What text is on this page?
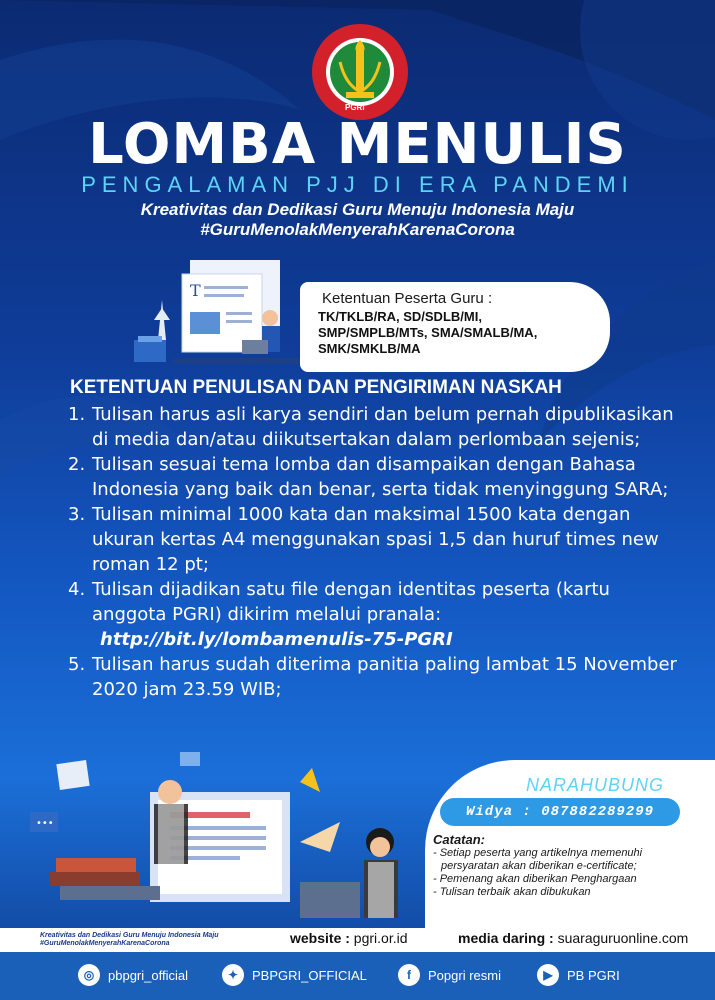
PGRI
LOMBA MENULIS
PENGALAMAN PJJ DI ERA PANDEMI
Kreativitas dan Dedikasi Guru Menuju Indonesia Maju
#GuruMenolakMenyerahKarenaCorona
T	Ketentuan Peserta Guru :
TK/TKLB/RA, SD/SDLB/MI,
SMP/SMPLB/MTs, SMA/SMALB/MA,
SMK/SMKLB/MA
KETENTUAN PENULISAN DAN PENGIRIMAN NASKAH
1. Tulisan harus asli karya sendiri dan belum pernah dipublikasikan di media dan/atau diikutsertakan dalam perlombaan sejenis;
2. Tulisan sesuai tema lomba dan disampaikan dengan Bahasa Indonesia yang baik dan benar, serta tidak menyinggung SARA;
3. Tulisan minimal 1000 kata dan maksimal 1500 kata dengan ukuran kertas A4 menggunakan spasi 1,5 dan huruf times new roman 12 pt;
4. Tulisan dijadikan satu file dengan identitas peserta (kartu anggota PGRI) dikirim melalui pranala:
http://bit.ly/lombamenulis-75-PGRI
5. Tulisan harus sudah diterima panitia paling lambat 15 November 2020 jam 23.59 WIB;
•••
NARAHUBUNG
Widya : 087882289299
Catatan:
- Setiap peserta yang artikelnya memenuhi
persyaratan akan diberikan e-certificate;
- Pemenang akan diberikan Penghargaan
- Tulisan terbaik akan dibukukan
Kreativitas dan Dedikasi Guru Menuju Indonesia Maju
#GuruMenolakMenyerahKarenaCorona	website : pgri.or.id	media daring : suaraguruonline.com
◎	pbpgri_official	✦	PBPGRI_OFFICIAL	f	Popgri resmi	▶	PB PGRI
